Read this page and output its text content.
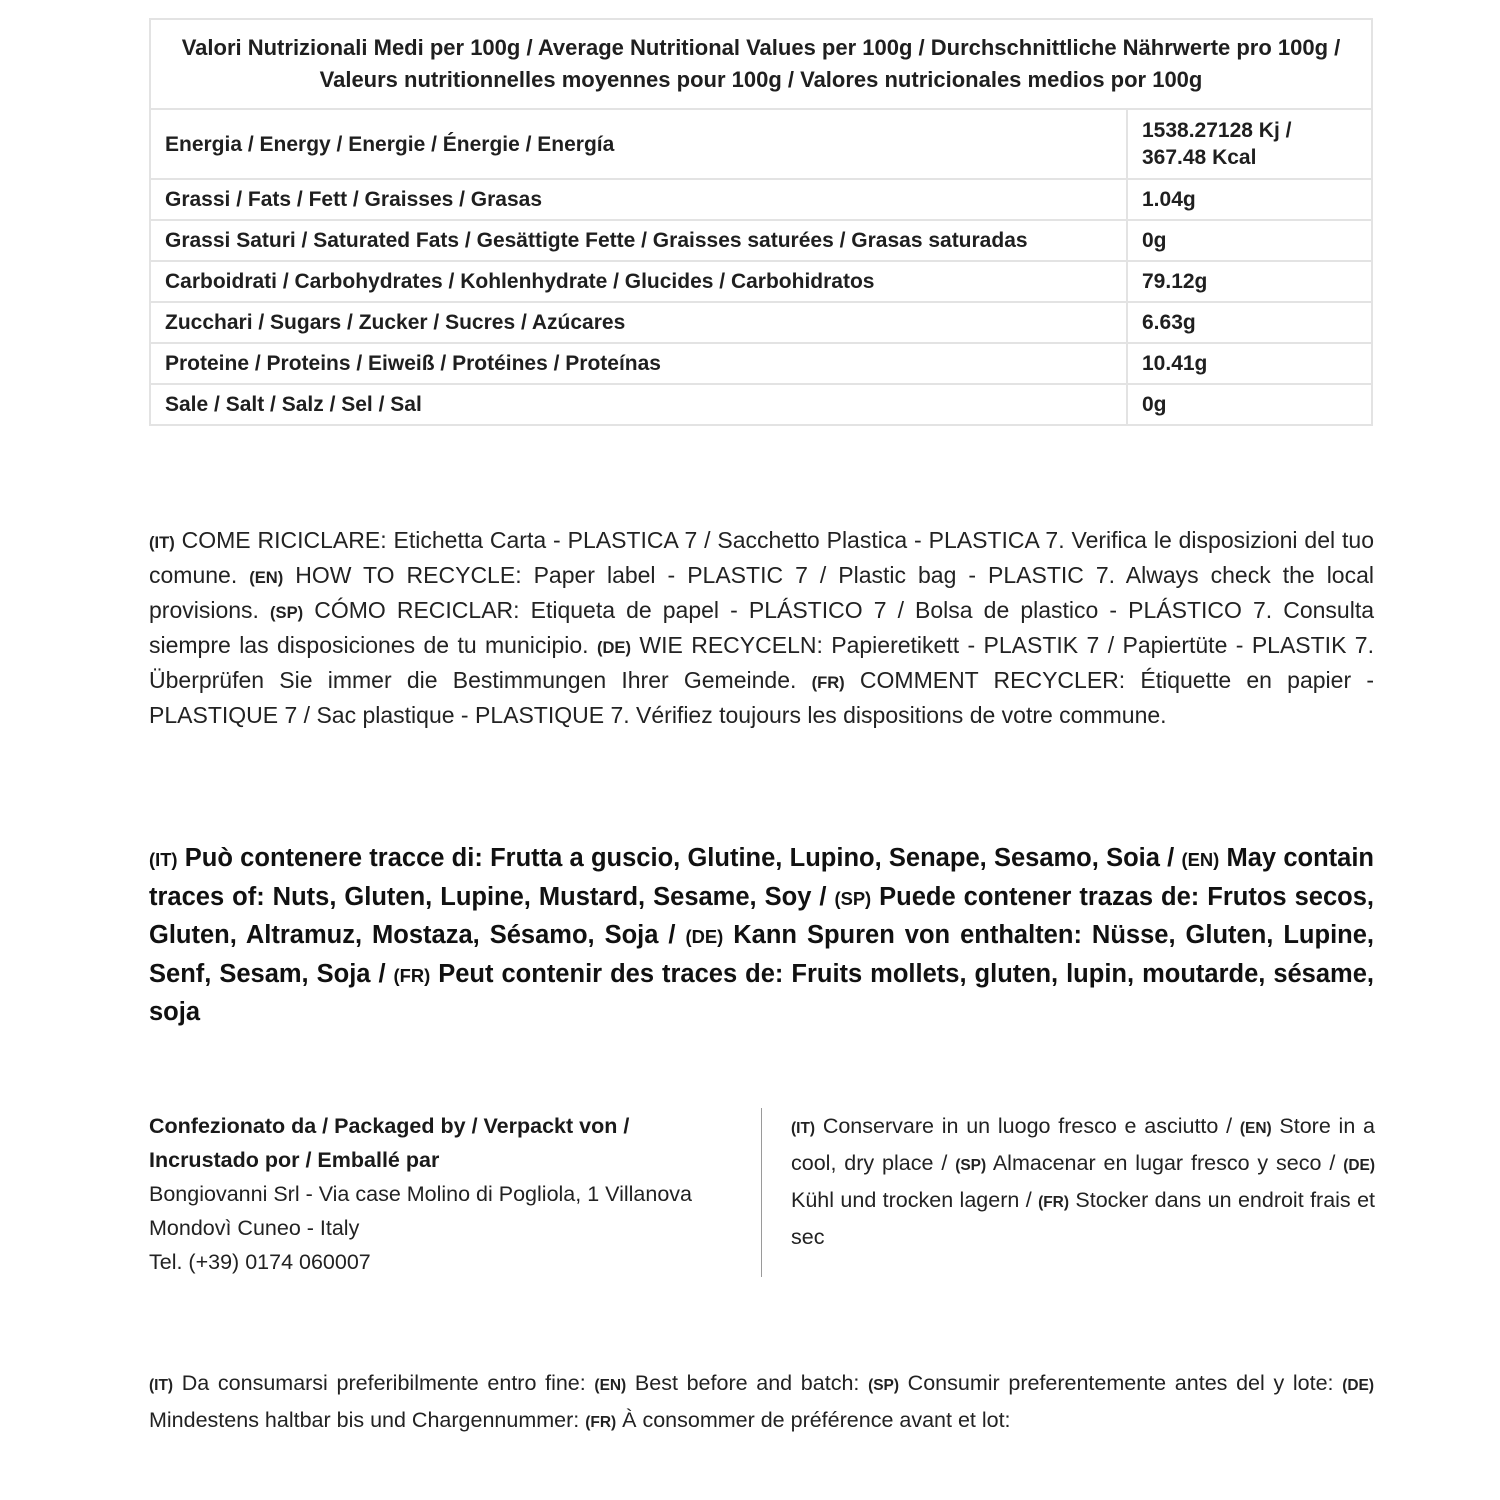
Valori Nutrizionali Medi per 100g / Average Nutritional Values per 100g / Durchschnittliche Nährwerte pro 100g / Valeurs nutritionnelles moyennes pour 100g / Valores nutricionales medios por 100g	
Energia / Energy / Energie / Énergie / Energía	1538.27128 Kj /
367.48 Kcal

Grassi / Fats / Fett / Graisses / Grasas	1.04g
Grassi Saturi / Saturated Fats / Gesättigte Fette / Graisses saturées / Grasas saturadas	0g
Carboidrati / Carbohydrates / Kohlenhydrate / Glucides / Carbohidratos	79.12g
Zucchari / Sugars / Zucker / Sucres / Azúcares	6.63g
Proteine / Proteins / Eiweiß / Protéines / Proteínas	10.41g
Sale / Salt / Salz / Sel / Sal	0g

(IT) COME RICICLARE: Etichetta Carta - PLASTICA 7 / Sacchetto Plastica - PLASTICA 7. Verifica le disposizioni del tuo comune. (EN) HOW TO RECYCLE: Paper label - PLASTIC 7 / Plastic bag - PLASTIC 7. Always check the local provisions. (SP) CÓMO RECICLAR: Etiqueta de papel - PLÁSTICO 7 / Bolsa de plastico - PLÁSTICO 7. Consulta siempre las disposiciones de tu municipio. (DE) WIE RECYCELN: Papieretikett - PLASTIK 7 / Papiertüte - PLASTIK 7. Überprüfen Sie immer die Bestimmungen Ihrer Gemeinde. (FR) COMMENT RECYCLER: Étiquette en papier - PLASTIQUE 7 / Sac plastique - PLASTIQUE 7. Vérifiez toujours les dispositions de votre commune.

(IT) Può contenere tracce di: Frutta a guscio, Glutine, Lupino, Senape, Sesamo, Soia / (EN) May contain traces of: Nuts, Gluten, Lupine, Mustard, Sesame, Soy / (SP) Puede contener trazas de: Frutos secos, Gluten, Altramuz, Mostaza, Sésamo, Soja / (DE) Kann Spuren von enthalten: Nüsse, Gluten, Lupine, Senf, Sesam, Soja / (FR) Peut contenir des traces de: Fruits mollets, gluten, lupin, moutarde, sésame, soja

Confezionato da / Packaged by / Verpackt von /
Incrustado por / Emballé par
Bongiovanni Srl - Via case Molino di Pogliola, 1 Villanova
Mondovì Cuneo - Italy
Tel. (+39) 0174 060007

(IT) Conservare in un luogo fresco e asciutto / (EN) Store in a cool, dry place / (SP) Almacenar en lugar fresco y seco / (DE) Kühl und trocken lagern / (FR) Stocker dans un endroit frais et sec

(IT) Da consumarsi preferibilmente entro fine: (EN) Best before and batch: (SP) Consumir preferentemente antes del y lote: (DE) Mindestens haltbar bis und Chargennummer: (FR) À consommer de préférence avant et lot:
